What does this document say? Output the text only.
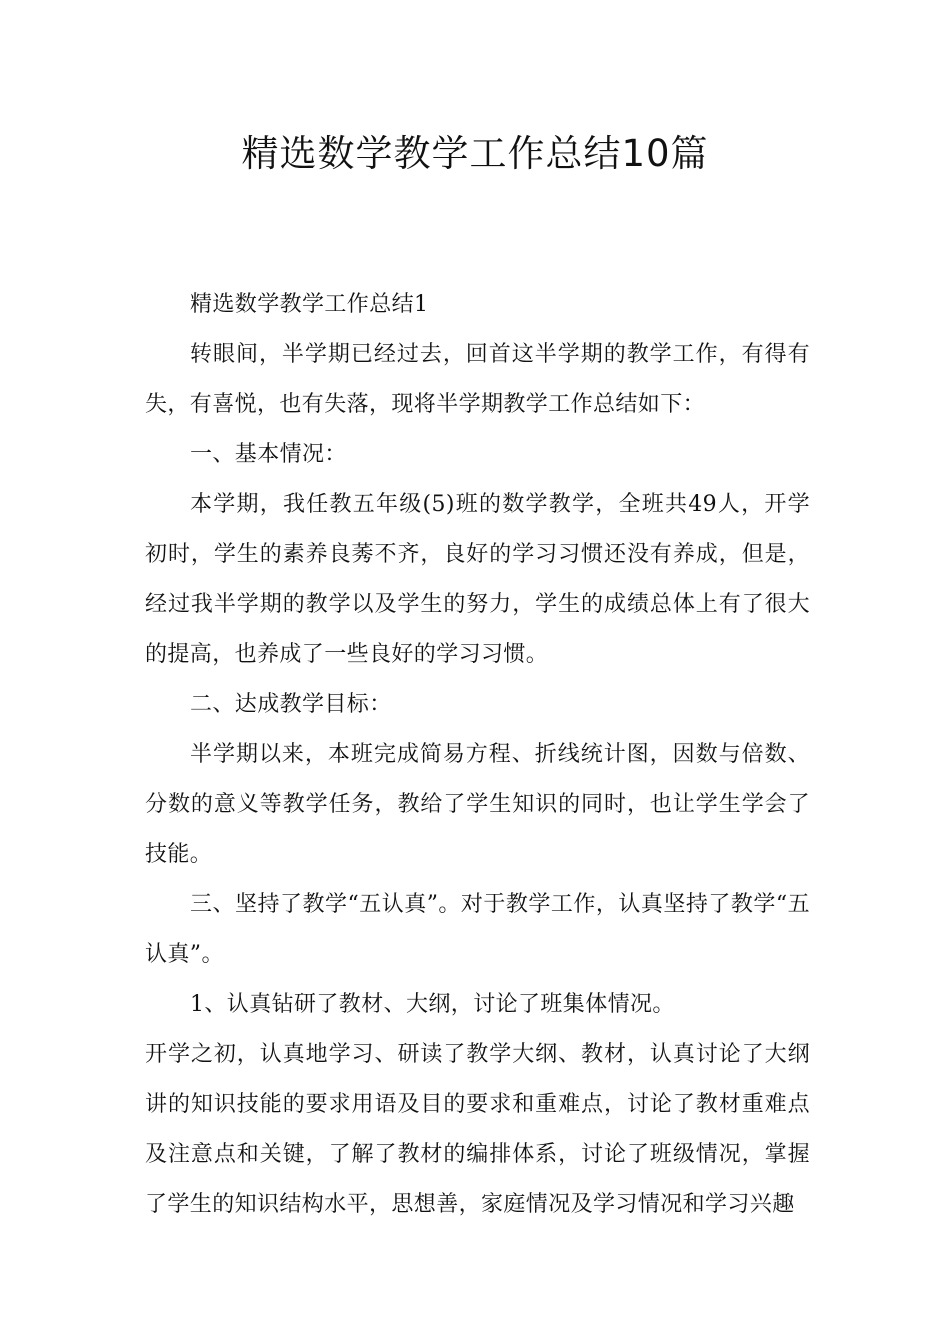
精选数学教学工作总结10篇

精选数学教学工作总结1

转眼间，半学期已经过去，回首这半学期的教学工作，有得有失，有喜悦，也有失落，现将半学期教学工作总结如下：

一、基本情况：

本学期，我任教五年级(5)班的数学教学，全班共49人，开学初时，学生的素养良莠不齐，良好的学习习惯还没有养成，但是，经过我半学期的教学以及学生的努力，学生的成绩总体上有了很大的提高，也养成了一些良好的学习习惯。

二、达成教学目标：

半学期以来，本班完成简易方程、折线统计图，因数与倍数、分数的意义等教学任务，教给了学生知识的同时，也让学生学会了技能。

三、坚持了教学“五认真”。对于教学工作，认真坚持了教学“五认真”。

1、认真钻研了教材、大纲，讨论了班集体情况。

开学之初，认真地学习、研读了教学大纲、教材，认真讨论了大纲讲的知识技能的要求用语及目的要求和重难点，讨论了教材重难点及注意点和关键，了解了教材的编排体系，讨论了班级情况，掌握了学生的知识结构水平，思想善，家庭情况及学习情况和学习兴趣
